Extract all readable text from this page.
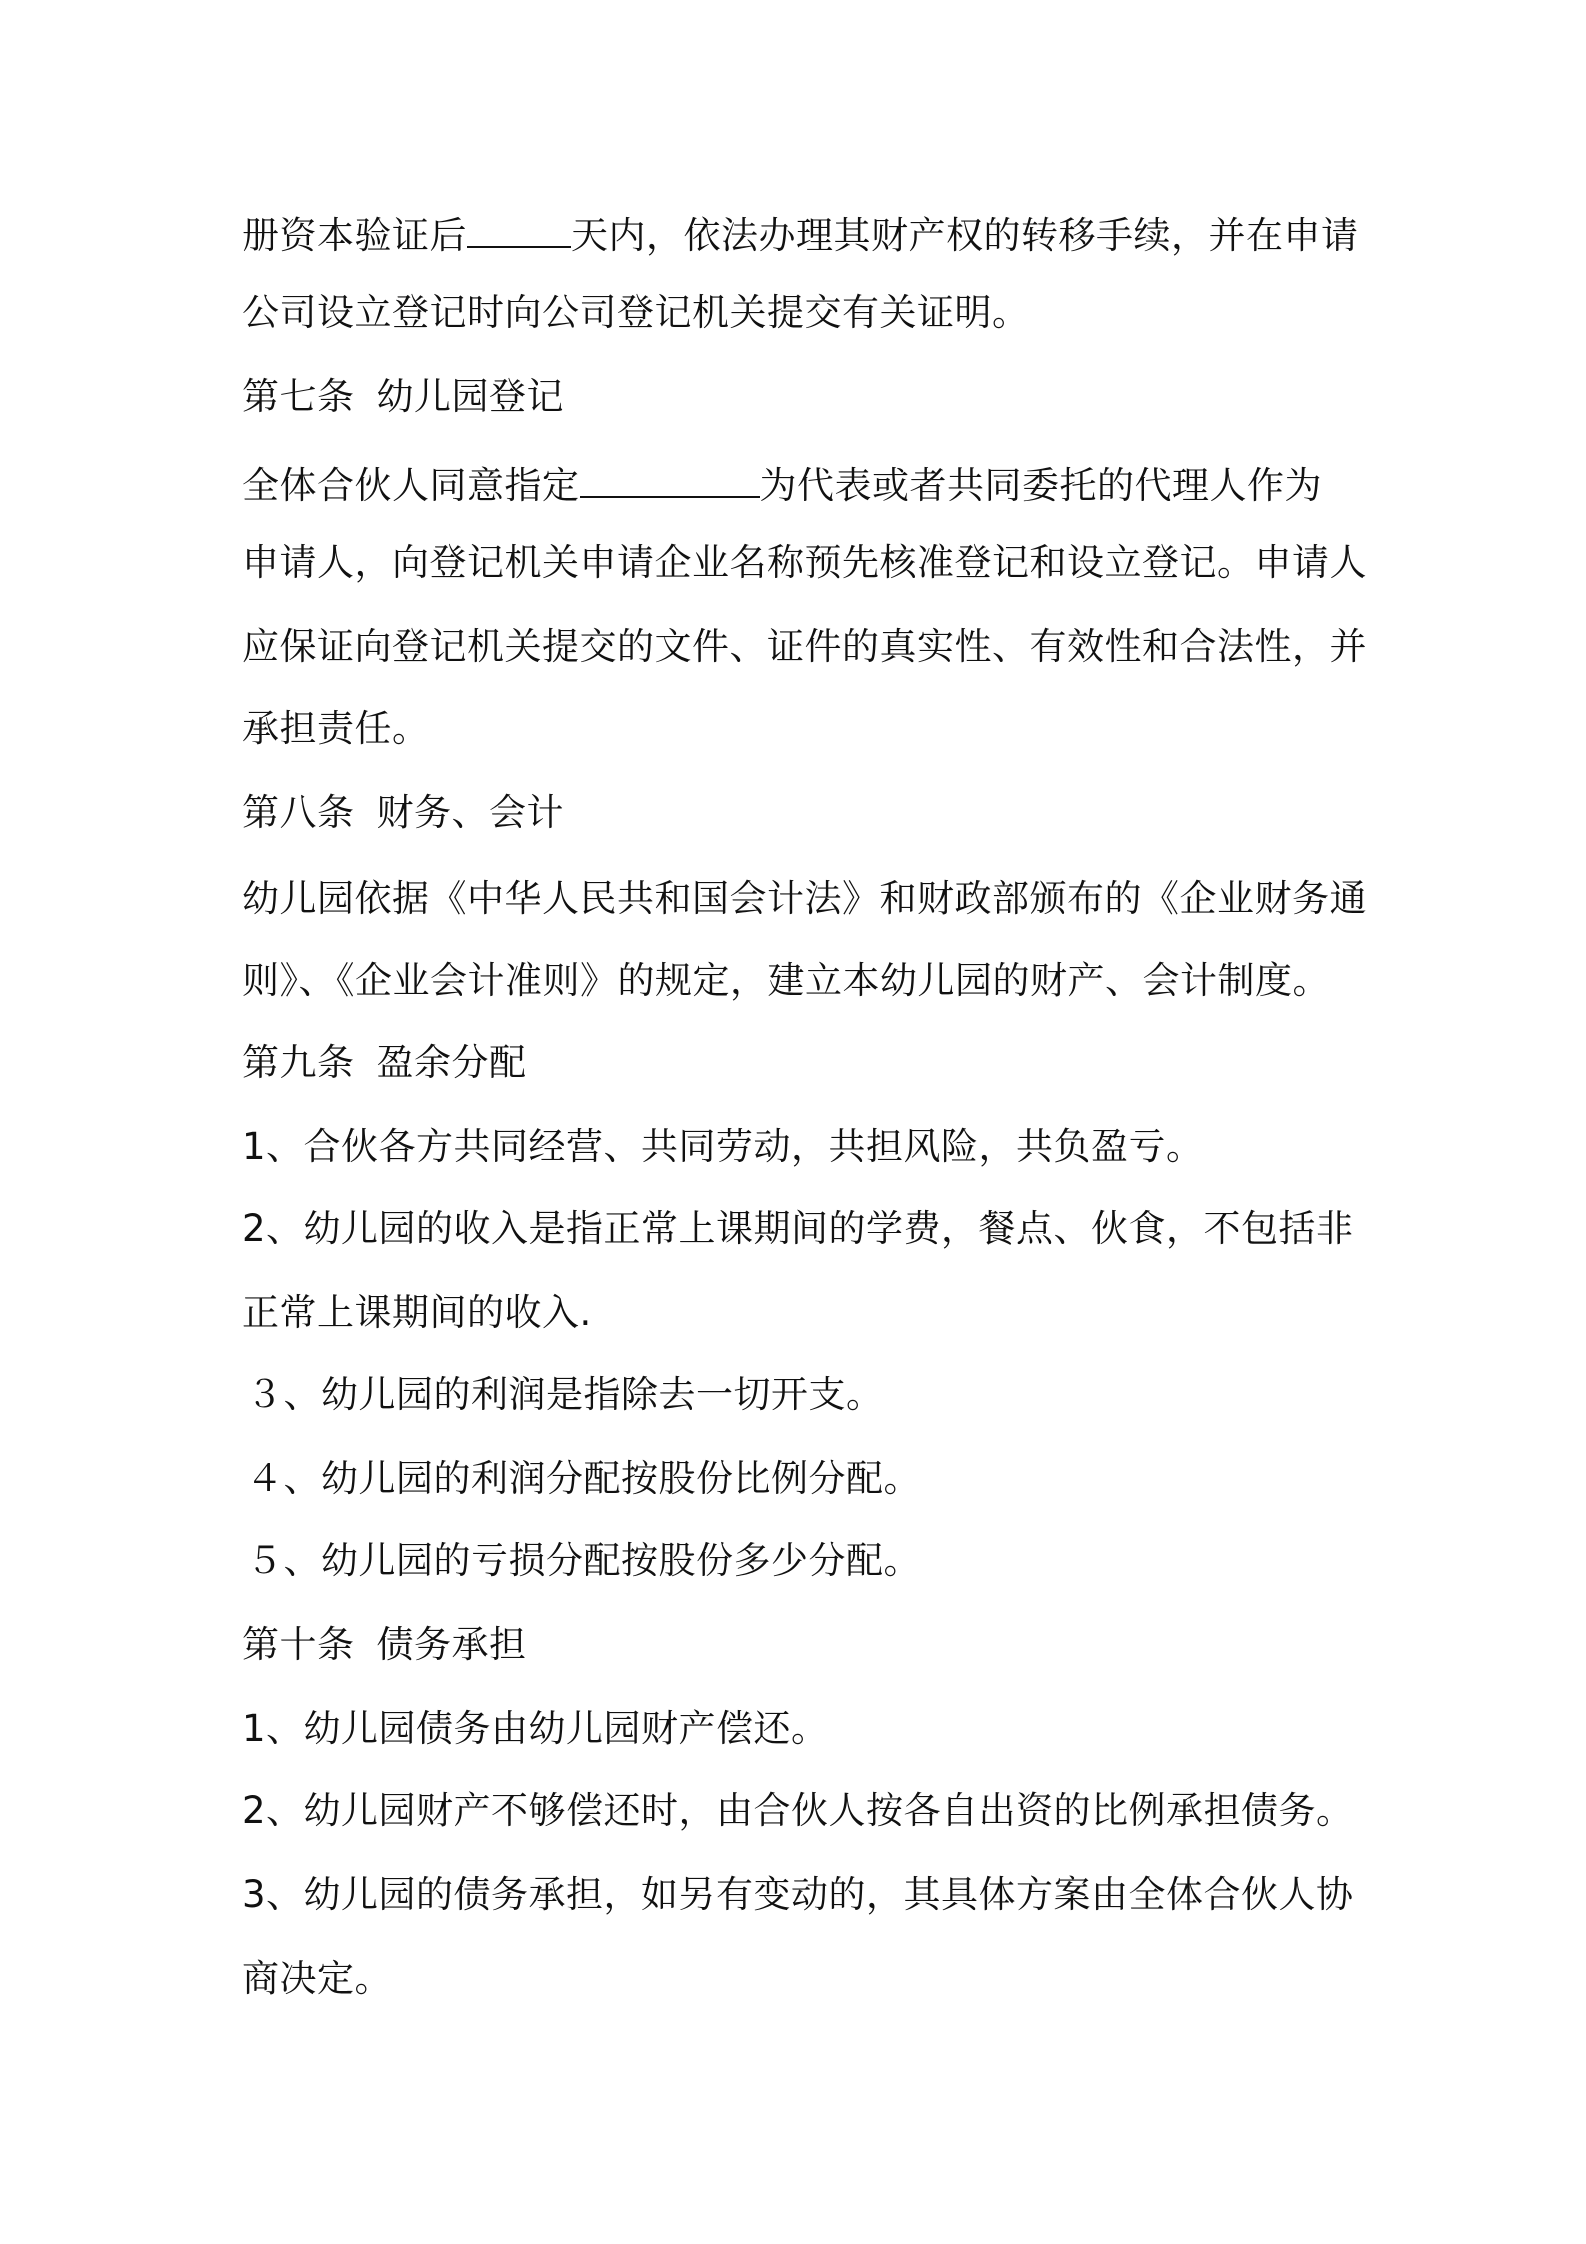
册资本验证后	天内，依法办理其财产权的转移手续，并在申请
公司设立登记时向公司登记机关提交有关证明。
第七条 幼儿园登记
全体合伙人同意指定	为代表或者共同委托的代理人作为
申请人，向登记机关申请企业名称预先核准登记和设立登记。申请人
应保证向登记机关提交的文件、证件的真实性、有效性和合法性，并
承担责任。
第八条 财务、会计
幼儿园依据《中华人民共和国会计法》和财政部颁布的《企业财务通
则》、《企业会计准则》的规定，建立本幼儿园的财产、会计制度。
第九条 盈余分配
1、合伙各方共同经营、共同劳动，共担风险，共负盈亏。
2、幼儿园的收入是指正常上课期间的学费，餐点、伙食，不包括非
正常上课期间的收入.
３、幼儿园的利润是指除去一切开支。
４、幼儿园的利润分配按股份比例分配。
５、幼儿园的亏损分配按股份多少分配。
第十条 债务承担
1、幼儿园债务由幼儿园财产偿还。
2、幼儿园财产不够偿还时，由合伙人按各自出资的比例承担债务。
3、幼儿园的债务承担，如另有变动的，其具体方案由全体合伙人协
商决定。
